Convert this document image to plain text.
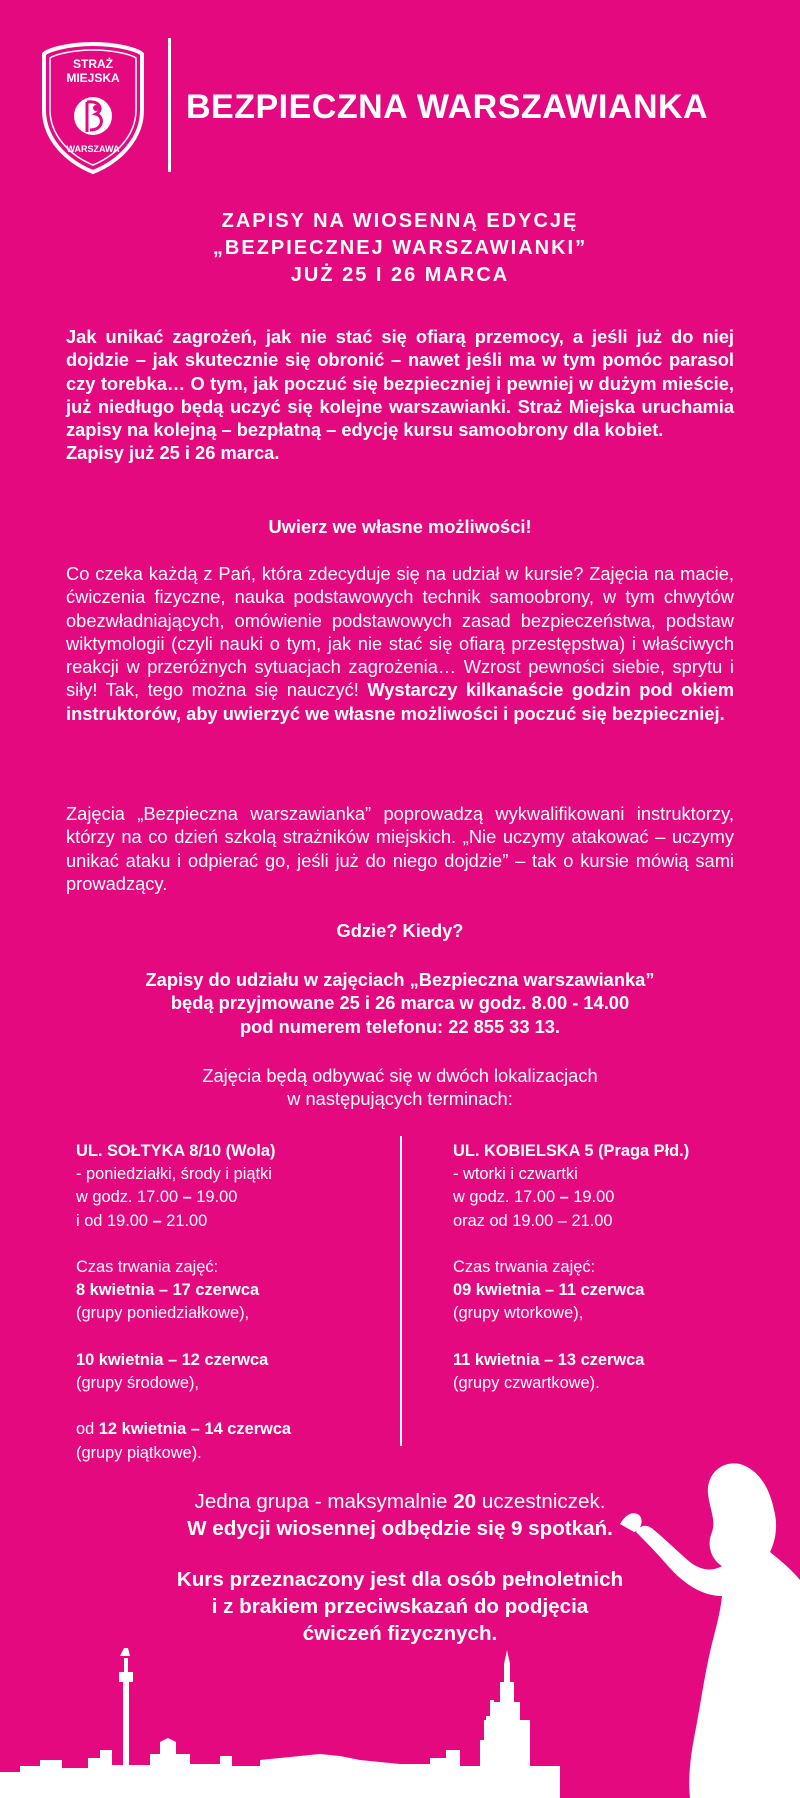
STRAŻ
MIEJSKA
WARSZAWA
BEZPIECZNA WARSZAWIANKA
ZAPISY NA WIOSENNĄ EDYCJĘ
„BEZPIECZNEJ WARSZAWIANKI”
JUŻ 25 I 26 MARCA
Jak unikać zagrożeń, jak nie stać się ofiarą przemocy, a jeśli już do niej dojdzie – jak skutecznie się obronić – nawet jeśli ma w tym pomóc parasol czy torebka… O tym, jak poczuć się bezpieczniej i pewniej w dużym mieście, już niedługo będą uczyć się kolejne warszawianki. Straż Miejska uruchamia zapisy na kolejną – bezpłatną – edycję kursu samoobrony dla kobiet.
Zapisy już 25 i 26 marca.
Uwierz we własne możliwości!
Co czeka każdą z Pań, która zdecyduje się na udział w kursie? Zajęcia na macie, ćwiczenia fizyczne, nauka podstawowych technik samoobrony, w tym chwytów obezwładniających, omówienie podstawowych zasad bezpieczeństwa, podstaw wiktymologii (czyli nauki o tym, jak nie stać się ofiarą przestępstwa) i właściwych reakcji w przeróżnych sytuacjach zagrożenia… Wzrost pewności siebie, sprytu i siły! Tak, tego można się nauczyć! Wystarczy kilkanaście godzin pod okiem instruktorów, aby uwierzyć we własne możliwości i poczuć się bezpieczniej.
Zajęcia „Bezpieczna warszawianka” poprowadzą wykwalifikowani instruktorzy, którzy na co dzień szkolą strażników miejskich. „Nie uczymy atakować – uczymy unikać ataku i odpierać go, jeśli już do niego dojdzie” – tak o kursie mówią sami prowadzący.
Gdzie? Kiedy?
Zapisy do udziału w zajęciach „Bezpieczna warszawianka”
będą przyjmowane 25 i 26 marca w godz. 8.00 - 14.00
pod numerem telefonu: 22 855 33 13.
Zajęcia będą odbywać się w dwóch lokalizacjach
w następujących terminach:
UL. SOŁTYKA 8/10 (Wola)
- poniedziałki, środy i piątki
w godz. 17.00 – 19.00
i od 19.00 – 21.00
Czas trwania zajęć:
8 kwietnia – 17 czerwca
(grupy poniedziałkowe),
10 kwietnia – 12 czerwca
(grupy środowe),
od 12 kwietnia – 14 czerwca
(grupy piątkowe).
UL. KOBIELSKA 5 (Praga Płd.)
- wtorki i czwartki
w godz. 17.00 – 19.00
oraz od 19.00 – 21.00
Czas trwania zajęć:
09 kwietnia – 11 czerwca
(grupy wtorkowe),
11 kwietnia – 13 czerwca
(grupy czwartkowe).
Jedna grupa - maksymalnie 20 uczestniczek.
W edycji wiosennej odbędzie się 9 spotkań.
Kurs przeznaczony jest dla osób pełnoletnich
i z brakiem przeciwskazań do podjęcia
ćwiczeń fizycznych.
